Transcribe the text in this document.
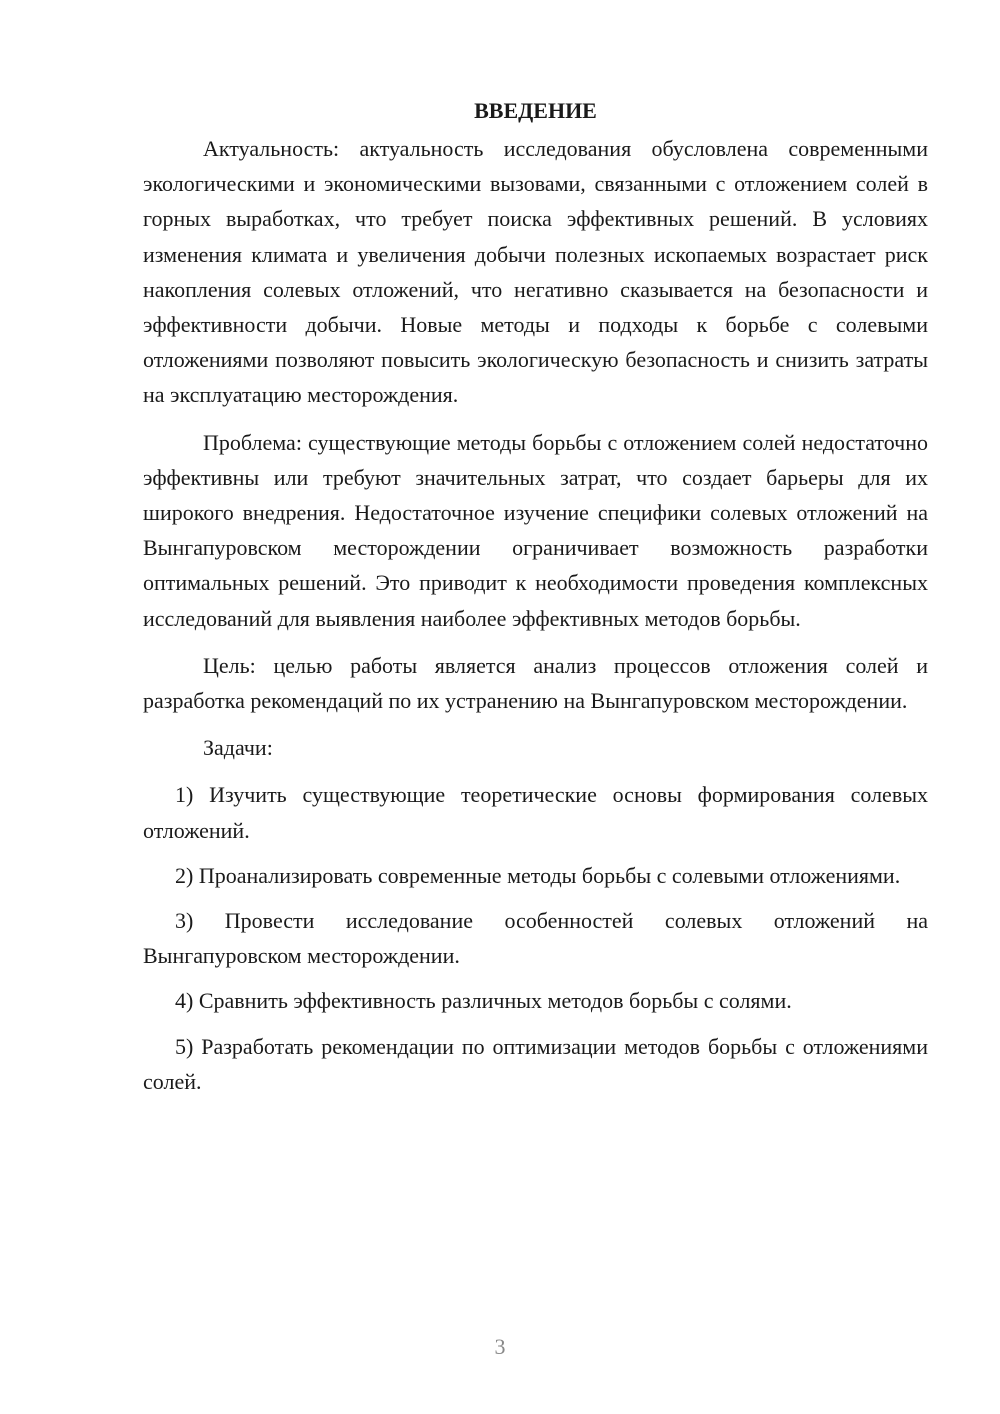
ВВЕДЕНИЕ

Актуальность: актуальность исследования обусловлена современными экологическими и экономическими вызовами, связанными с отложением солей в горных выработках, что требует поиска эффективных решений. В условиях изменения климата и увеличения добычи полезных ископаемых возрастает риск накопления солевых отложений, что негативно сказывается на безопасности и эффективности добычи. Новые методы и подходы к борьбе с солевыми отложениями позволяют повысить экологическую безопасность и снизить затраты на эксплуатацию месторождения.

Проблема: существующие методы борьбы с отложением солей недостаточно эффективны или требуют значительных затрат, что создает барьеры для их широкого внедрения. Недостаточное изучение специфики солевых отложений на Вынгапуровском месторождении ограничивает возможность разработки оптимальных решений. Это приводит к необходимости проведения комплексных исследований для выявления наиболее эффективных методов борьбы.

Цель: целью работы является анализ процессов отложения солей и разработка рекомендаций по их устранению на Вынгапуровском месторождении.

Задачи:

1) Изучить существующие теоретические основы формирования солевых отложений.

2) Проанализировать современные методы борьбы с солевыми отложениями.

3) Провести исследование особенностей солевых отложений на Вынгапуровском месторождении.

4) Сравнить эффективность различных методов борьбы с солями.

5) Разработать рекомендации по оптимизации методов борьбы с отложениями солей.

3
